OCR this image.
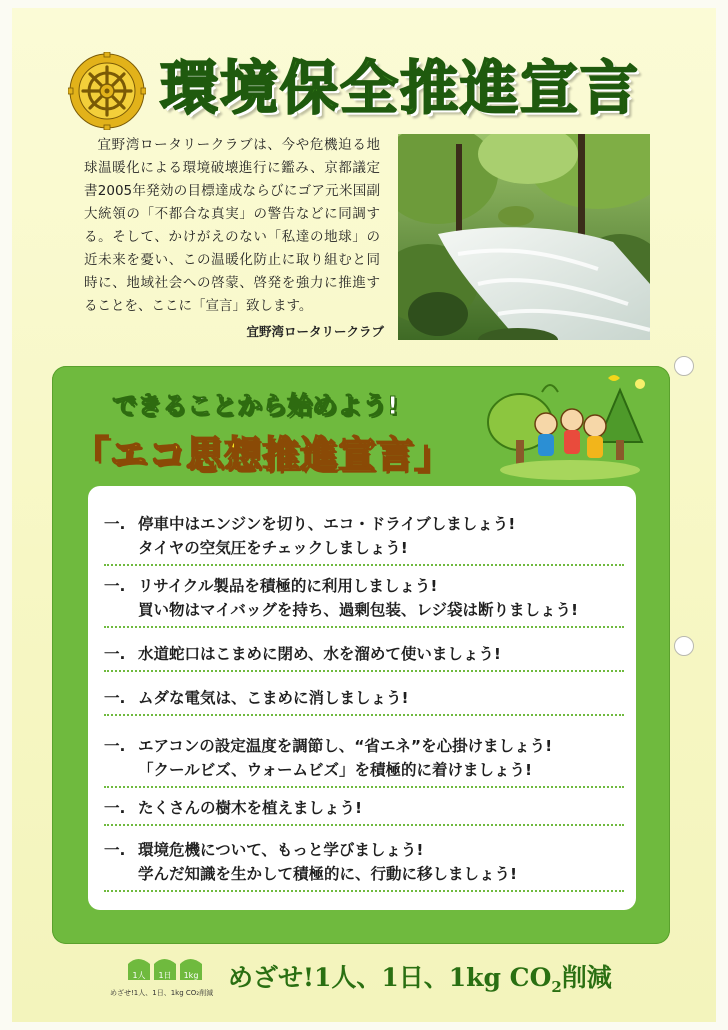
環境保全推進宣言

宜野湾ロータリークラブは、今や危機迫る地球温暖化による環境破壊進行に鑑み、京都議定書2005年発効の目標達成ならびにゴア元米国副大統領の「不都合な真実」の警告などに同調する。そして、かけがえのない「私達の地球」の近未来を憂い、この温暖化防止に取り組むと同時に、地域社会への啓蒙、啓発を強力に推進することを、ここに「宣言」致します。

宜野湾ロータリークラブ
できることから始めよう!
「エコ思想推進宣言」
一. 停車中はエンジンを切り、エコ・ドライブしましょう!
タイヤの空気圧をチェックしましょう!
一. リサイクル製品を積極的に利用しましょう!
買い物はマイバッグを持ち、過剰包装、レジ袋は断りましょう!
一. 水道蛇口はこまめに閉め、水を溜めて使いましょう!
一. ムダな電気は、こまめに消しましょう!
一. エアコンの設定温度を調節し、“省エネ”を心掛けましょう!
「クールビズ、ウォームビズ」を積極的に着けましょう!
一. たくさんの樹木を植えましょう!
一. 環境危機について、もっと学びましょう!
学んだ知識を生かして積極的に、行動に移しましょう!
1人 1日 1kg
めざせ!1人、1日、1kg CO₂削減
めざせ!1人、1日、1kg $CO_2$削減
